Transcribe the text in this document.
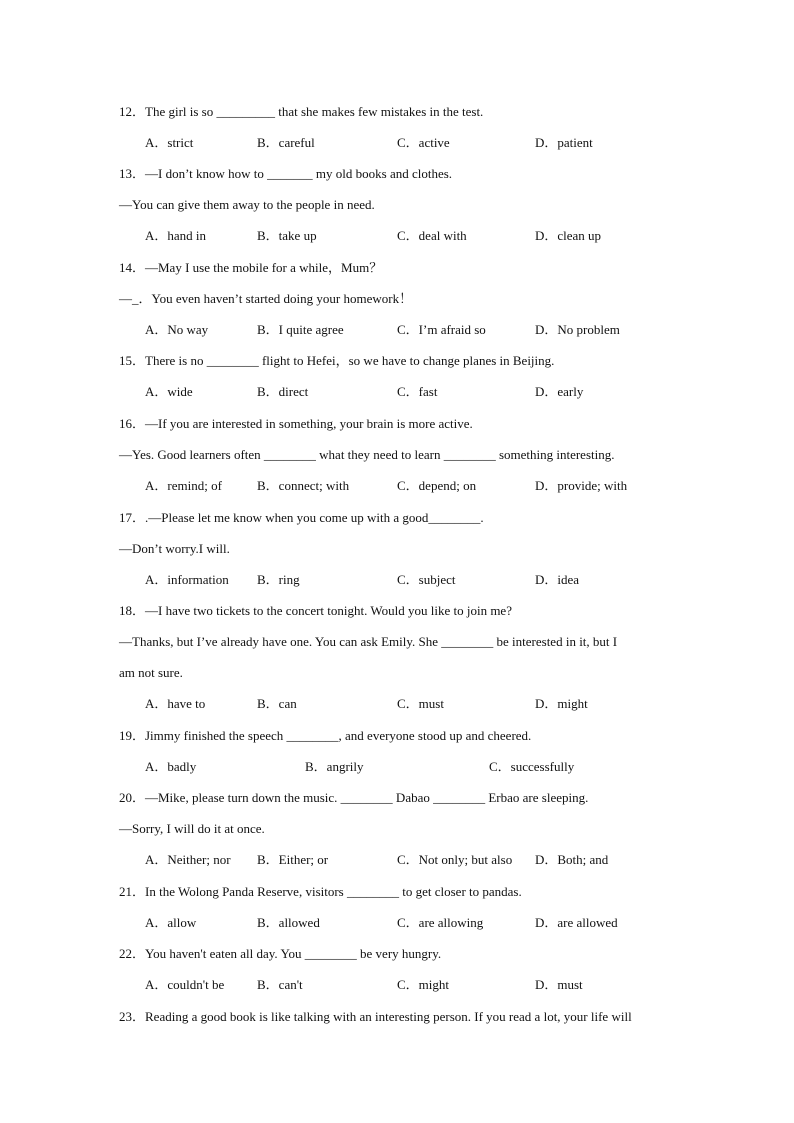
12．The girl is so _________ that she makes few mistakes in the test.
A．strict	B．careful	C．active	D．patient
13．—I don’t know how to _______ my old books and clothes.
—You can give them away to the people in need.
A．hand in	B．take up	C．deal with	D．clean up
14．—May I use the mobile for a while，Mum？
—_．You even haven’t started doing your homework！
A．No way	B．I quite agree	C．I’m afraid so	D．No problem
15．There is no ________ flight to Hefei，so we have to change planes in Beijing.
A．wide	B．direct	C．fast	D．early
16．—If you are interested in something, your brain is more active.
—Yes. Good learners often ________ what they need to learn ________ something interesting.
A．remind; of	B．connect; with	C．depend; on	D．provide; with
17．.—Please let me know when you come up with a good________.
—Don’t worry.I will.
A．information B．ring	C．subject	D．idea
18．—I have two tickets to the concert tonight. Would you like to join me?
—Thanks, but I’ve already have one. You can ask Emily. She ________ be interested in it, but I
am not sure.
A．have to	B．can	C．must	D．might
19．Jimmy finished the speech ________, and everyone stood up and cheered.
A．badly	B．angrily	C．successfully
20．—Mike, please turn down the music. ________ Dabao ________ Erbao are sleeping.
—Sorry, I will do it at once.
A．Neither; nor B．Either; or	C．Not only; but also D．Both; and
21．In the Wolong Panda Reserve, visitors ________ to get closer to pandas.
A．allow	B．allowed	C．are allowing	D．are allowed
22．You haven't eaten all day. You ________ be very hungry.
A．couldn't be	B．can't	C．might	D．must
23．Reading a good book is like talking with an interesting person. If you read a lot, your life will
